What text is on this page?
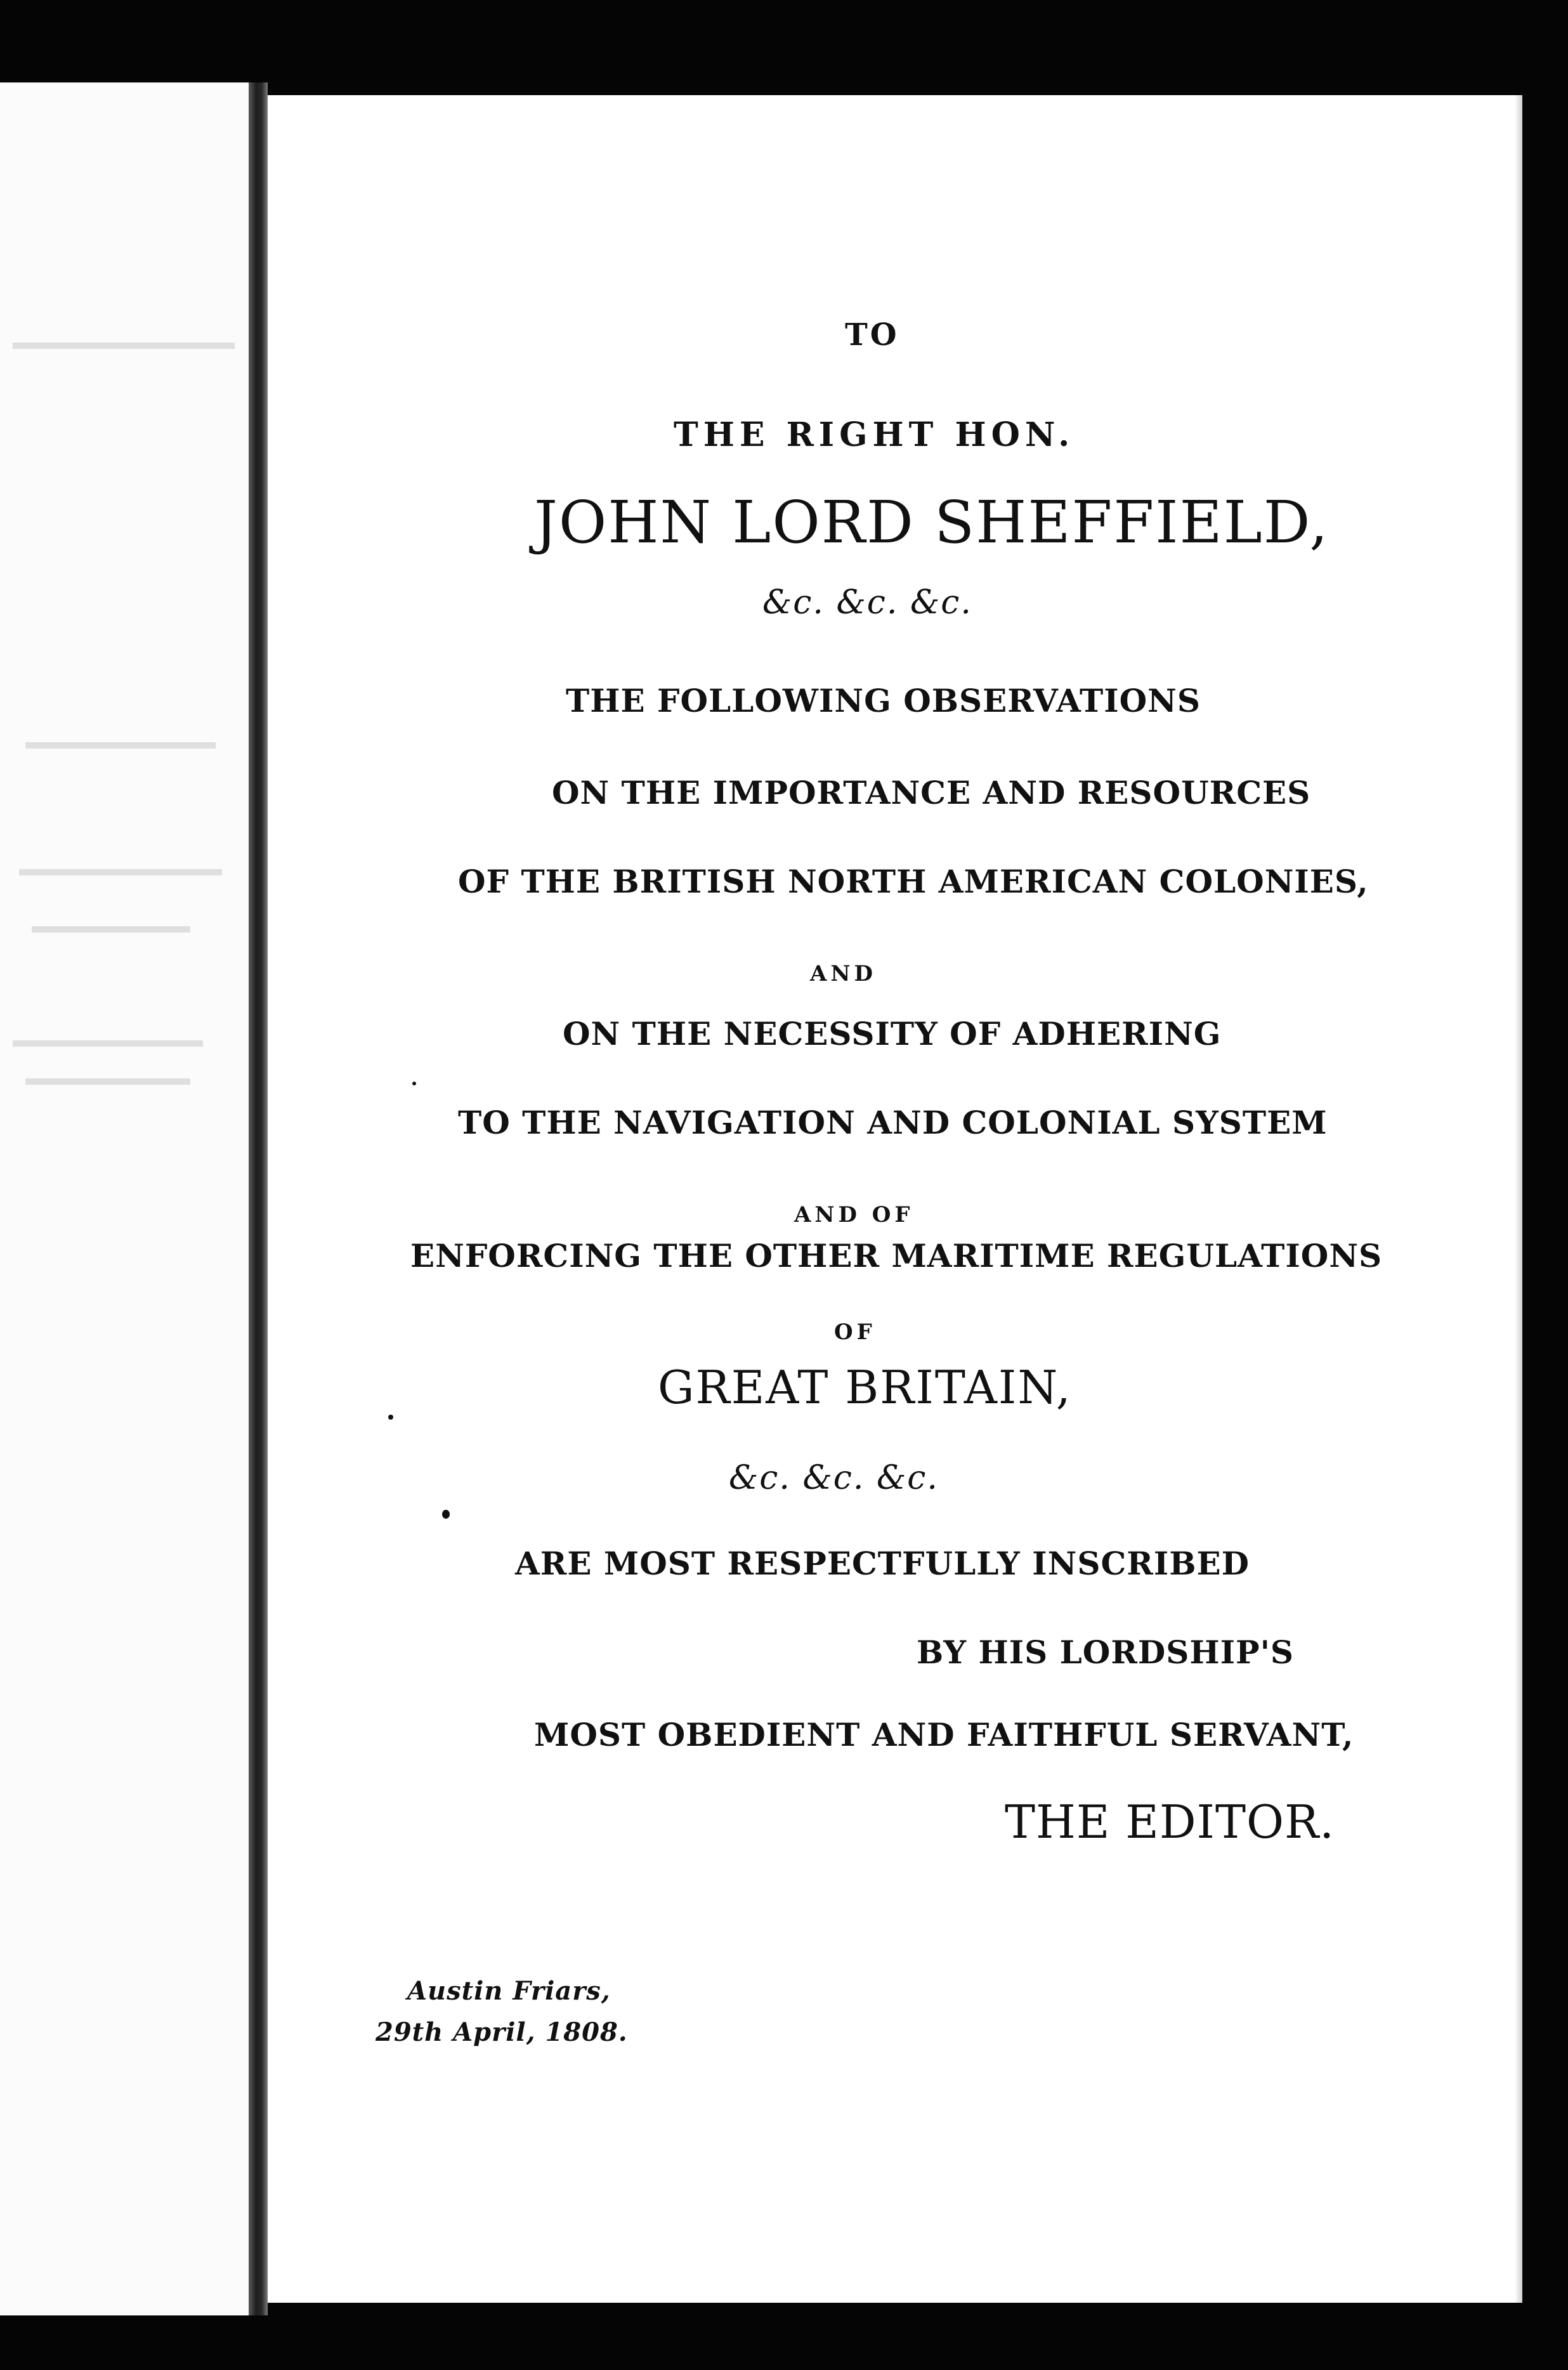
TO
THE RIGHT HON.
JOHN LORD SHEFFIELD,
&c. &c. &c.
THE FOLLOWING OBSERVATIONS
ON THE IMPORTANCE AND RESOURCES
OF THE BRITISH NORTH AMERICAN COLONIES,
AND
ON THE NECESSITY OF ADHERING
TO THE NAVIGATION AND COLONIAL SYSTEM
AND OF
ENFORCING THE OTHER MARITIME REGULATIONS
OF
GREAT BRITAIN,
&c. &c. &c.
ARE MOST RESPECTFULLY INSCRIBED
BY HIS LORDSHIP'S
MOST OBEDIENT AND FAITHFUL SERVANT,
THE EDITOR.
Austin Friars,
29th April, 1808.
